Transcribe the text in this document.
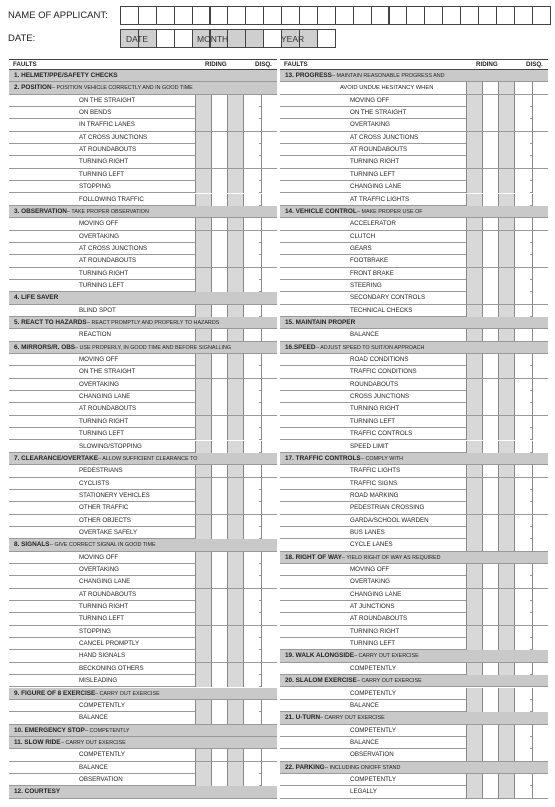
NAME OF APPLICANT:
DATE:	DATE	MONTH	YEAR
FAULTS	RIDING	DISQ.
1. HELMET/PPE/SAFETY CHECKS
2. POSITION – POSITION VEHICLE CORRECTLY AND IN GOOD TIME
ON THE STRAIGHT
ON BENDS
IN TRAFFIC LANES
AT CROSS JUNCTIONS
AT ROUNDABOUTS
TURNING RIGHT
TURNING LEFT
STOPPING
FOLLOWING TRAFFIC
3. OBSERVATION – TAKE PROPER OBSERVATION
MOVING OFF
OVERTAKING
AT CROSS JUNCTIONS
AT ROUNDABOUTS
TURNING RIGHT
TURNING LEFT
4. LIFE SAVER
BLIND SPOT
5. REACT TO HAZARDS – REACT PROMPTLY AND PROPERLY TO HAZARDS
REACTION
6. MIRRORS/R. OBS – USE PROPERLY, IN GOOD TIME AND BEFORE SIGNALLING
MOVING OFF
ON THE STRAIGHT
OVERTAKING
CHANGING LANE
AT ROUNDABOUTS
TURNING RIGHT
TURNING LEFT
SLOWING/STOPPING
7. CLEARANCE/OVERTAKE – ALLOW SUFFICIENT CLEARANCE TO
PEDESTRIANS
CYCLISTS
STATIONERY VEHICLES
OTHER TRAFFIC
OTHER OBJECTS
OVERTAKE SAFELY
8. SIGNALS – GIVE CORRECT SIGNAL IN GOOD TIME
MOVING OFF
OVERTAKING
CHANGING LANE
AT ROUNDABOUTS
TURNING RIGHT
TURNING LEFT
STOPPING
CANCEL PROMPTLY
HAND SIGNALS
BECKONING OTHERS
MISLEADING
9. FIGURE OF 8 EXERCISE – CARRY OUT EXERCISE
COMPETENTLY
BALANCE
10. EMERGENCY STOP – COMPETENTLY
11. SLOW RIDE – CARRY OUT EXERCISE
COMPETENTLY
BALANCE
OBSERVATION
12. COURTESY
FAULTS	RIDING	DISQ.
13. PROGRESS – MAINTAIN REASONABLE PROGRESS AND
AVOID UNDUE HESITANCY WHEN
MOVING OFF
ON THE STRAIGHT
OVERTAKING
AT CROSS JUNCTIONS
AT ROUNDABOUTS
TURNING RIGHT
TURNING LEFT
CHANGING LANE
AT TRAFFIC LIGHTS
14. VEHICLE CONTROL – MAKE PROPER USE OF
ACCELERATOR
CLUTCH
GEARS
FOOTBRAKE
FRONT BRAKE
STEERING
SECONDARY CONTROLS
TECHNICAL CHECKS
15. MAINTAIN PROPER
BALANCE
16.SPEED – ADJUST SPEED TO SUIT/ON APPROACH
ROAD CONDITIONS
TRAFFIC CONDITIONS
ROUNDABOUTS
CROSS JUNCTIONS
TURNING RIGHT
TURNING LEFT
TRAFFIC CONTROLS
SPEED LIMIT
17. TRAFFIC CONTROLS – COMPLY WITH
TRAFFIC LIGHTS
TRAFFIC SIGNS
ROAD MARKING
PEDESTRIAN CROSSING
GARDA/SCHOOL WARDEN
BUS LANES
CYCLE LANES
18. RIGHT OF WAY – YIELD RIGHT OF WAY AS REQUIRED
MOVING OFF
OVERTAKING
CHANGING LANE
AT JUNCTIONS
AT ROUNDABOUTS
TURNING RIGHT
TURNING LEFT
19. WALK ALONGSIDE – CARRY OUT EXERCISE
COMPETENTLY
20. SLALOM EXERCISE – CARRY OUT EXERCISE
COMPETENTLY
BALANCE
21. U-TURN – CARRY OUT EXERCISE
COMPETENTLY
BALANCE
OBSERVATION
22. PARKING – INCLUDING ON/OFF STAND
COMPETENTLY
LEGALLY
